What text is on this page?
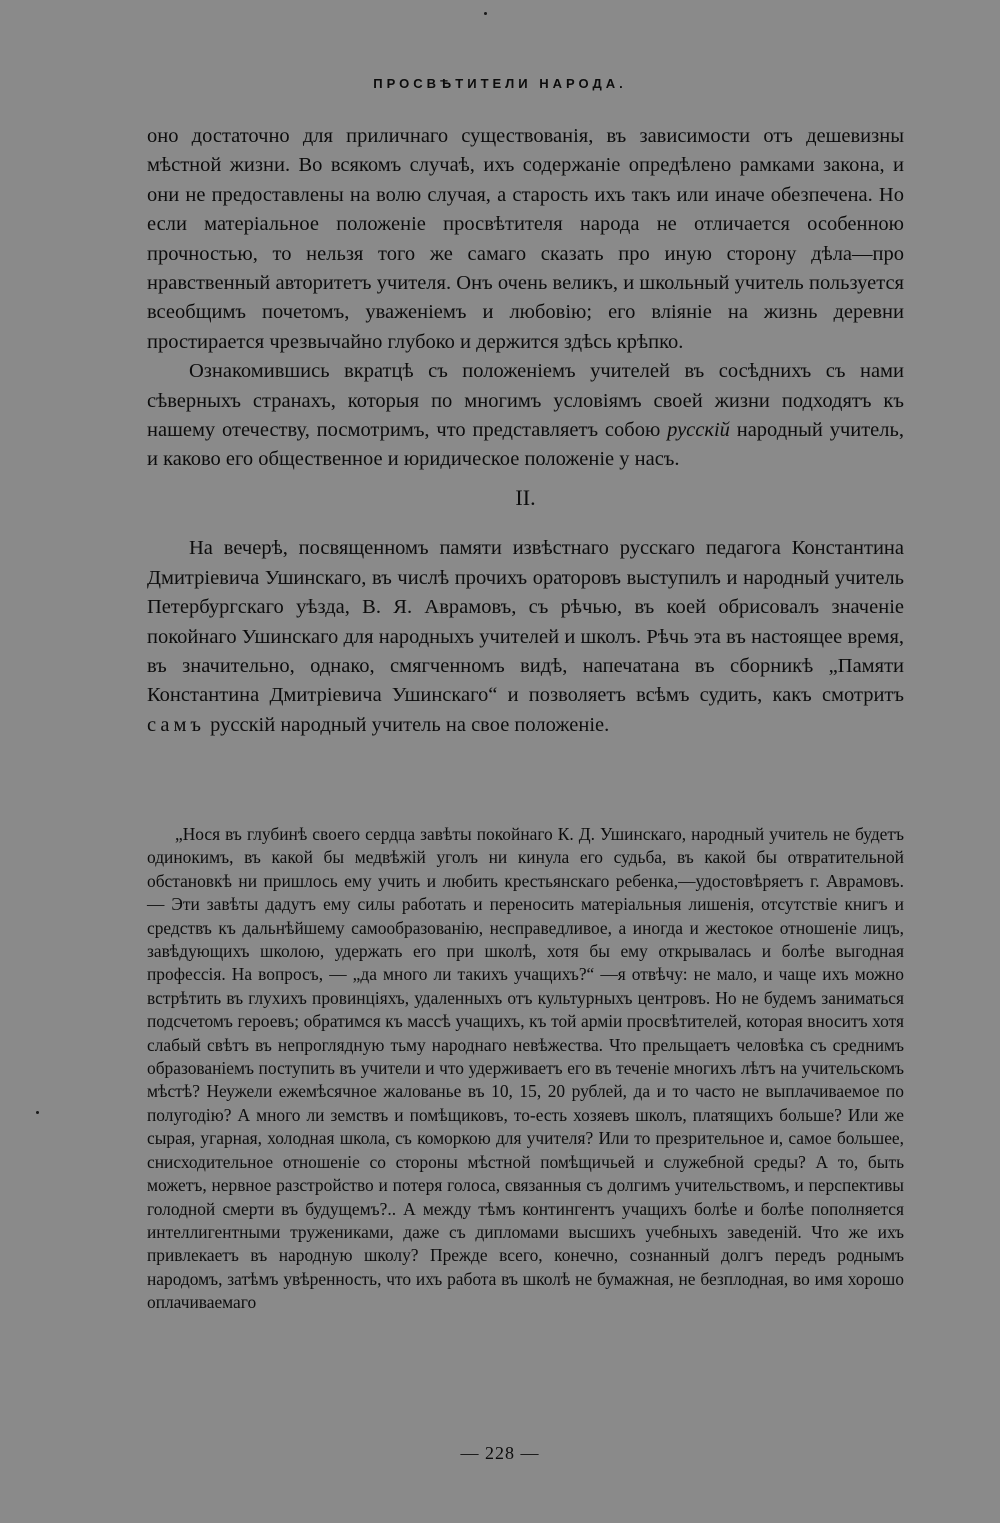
ПРОСВѢТИТЕЛИ НАРОДА.

оно достаточно для приличнаго существованія, въ зависимости отъ дешевизны мѣстной жизни. Во всякомъ случаѣ, ихъ содержаніе опредѣлено рамками закона, и они не предоставлены на волю случая, а старость ихъ такъ или иначе обезпечена. Но если матеріальное положеніе просвѣтителя народа не отличается особенною прочностью, то нельзя того же самаго сказать про иную сторону дѣла—про нравственный авторитетъ учителя. Онъ очень великъ, и школьный учитель пользуется всеобщимъ почетомъ, уваженіемъ и любовію; его вліяніе на жизнь деревни простирается чрезвычайно глубоко и держится здѣсь крѣпко.

Ознакомившись вкратцѣ съ положеніемъ учителей въ сосѣднихъ съ нами сѣверныхъ странахъ, которыя по многимъ условіямъ своей жизни подходятъ къ нашему отечеству, посмотримъ, что представляетъ собою русскій народный учитель, и каково его общественное и юридическое положеніе у насъ.

II.

На вечерѣ, посвященномъ памяти извѣстнаго русскаго педагога Константина Дмитріевича Ушинскаго, въ числѣ прочихъ ораторовъ выступилъ и народный учитель Петербургскаго уѣзда, В. Я. Аврамовъ, съ рѣчью, въ коей обрисовалъ значеніе покойнаго Ушинскаго для народныхъ учителей и школъ. Рѣчь эта въ настоящее время, въ значительно, однако, смягченномъ видѣ, напечатана въ сборникѣ „Памяти Константина Дмитріевича Ушинскаго“ и позволяетъ всѣмъ судить, какъ смотритъ самъ русскій народный учитель на свое положеніе.

„Нося въ глубинѣ своего сердца завѣты покойнаго К. Д. Ушинскаго, народный учитель не будетъ одинокимъ, въ какой бы медвѣжій уголъ ни кинула его судьба, въ какой бы отвратительной обстановкѣ ни пришлось ему учить и любить крестьянскаго ребенка,—удостовѣряетъ г. Аврамовъ. — Эти завѣты дадутъ ему силы работать и переносить матеріальныя лишенія, отсутствіе книгъ и средствъ къ дальнѣйшему самообразованію, несправедливое, а иногда и жестокое отношеніе лицъ, завѣдующихъ школою, удержать его при школѣ, хотя бы ему открывалась и болѣе выгодная профессія. На вопросъ, — „да много ли такихъ учащихъ?“ —я отвѣчу: не мало, и чаще ихъ можно встрѣтить въ глухихъ провинціяхъ, удаленныхъ отъ культурныхъ центровъ. Но не будемъ заниматься подсчетомъ героевъ; обратимся къ массѣ учащихъ, къ той арміи просвѣтителей, которая вноситъ хотя слабый свѣтъ въ непроглядную тьму народнаго невѣжества. Что прельщаетъ человѣка съ среднимъ образованіемъ поступить въ учители и что удерживаетъ его въ теченіе многихъ лѣтъ на учительскомъ мѣстѣ? Неужели ежемѣсячное жалованье въ 10, 15, 20 рублей, да и то часто не выплачиваемое по полугодію? А много ли земствъ и помѣщиковъ, то-есть хозяевъ школъ, платящихъ больше? Или же сырая, угарная, холодная школа, съ коморкою для учителя? Или то презрительное и, самое большее, снисходительное отношеніе со стороны мѣстной помѣщичьей и служебной среды? А то, быть можетъ, нервное разстройство и потеря голоса, связанныя съ долгимъ учительствомъ, и перспективы голодной смерти въ будущемъ?.. А между тѣмъ контингентъ учащихъ болѣе и болѣе пополняется интеллигентными тружениками, даже съ дипломами высшихъ учебныхъ заведеній. Что же ихъ привлекаетъ въ народную школу? Прежде всего, конечно, сознанный долгъ передъ роднымъ народомъ, затѣмъ увѣренность, что ихъ работа въ школѣ не бумажная, не безплодная, во имя хорошо оплачиваемаго

— 228 —
